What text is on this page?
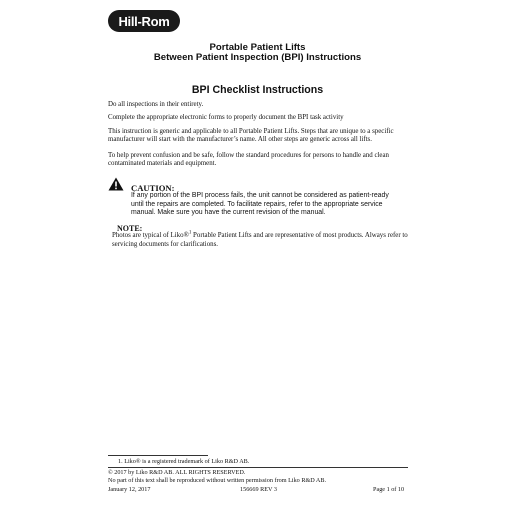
Hill-Rom
Portable Patient Lifts
Between Patient Inspection (BPI) Instructions
BPI Checklist Instructions

Do all inspections in their entirety.

Complete the appropriate electronic forms to properly document the BPI task activity

This instruction is generic and applicable to all Portable Patient Lifts. Steps that are unique to a specific manufacturer will start with the manufacturer’s name. All other steps are generic across all lifts.

To help prevent confusion and be safe, follow the standard procedures for persons to handle and clean contaminated materials and equipment.

CAUTION:

If any portion of the BPI process fails, the unit cannot be considered as patient-ready until the repairs are completed. To facilitate repairs, refer to the appropriate service manual. Make sure you have the current revision of the manual.

NOTE:

Photos are typical of Liko®$^1$ Portable Patient Lifts and are representative of most products. Always refer to servicing documents for clarifications.

1. Liko® is a registered trademark of Liko R&D AB.
© 2017 by Liko R&D AB. ALL RIGHTS RESERVED.
No part of this text shall be reproduced without written permission from Liko R&D AB.
January 12, 2017	156669 REV 3	Page 1 of 10
